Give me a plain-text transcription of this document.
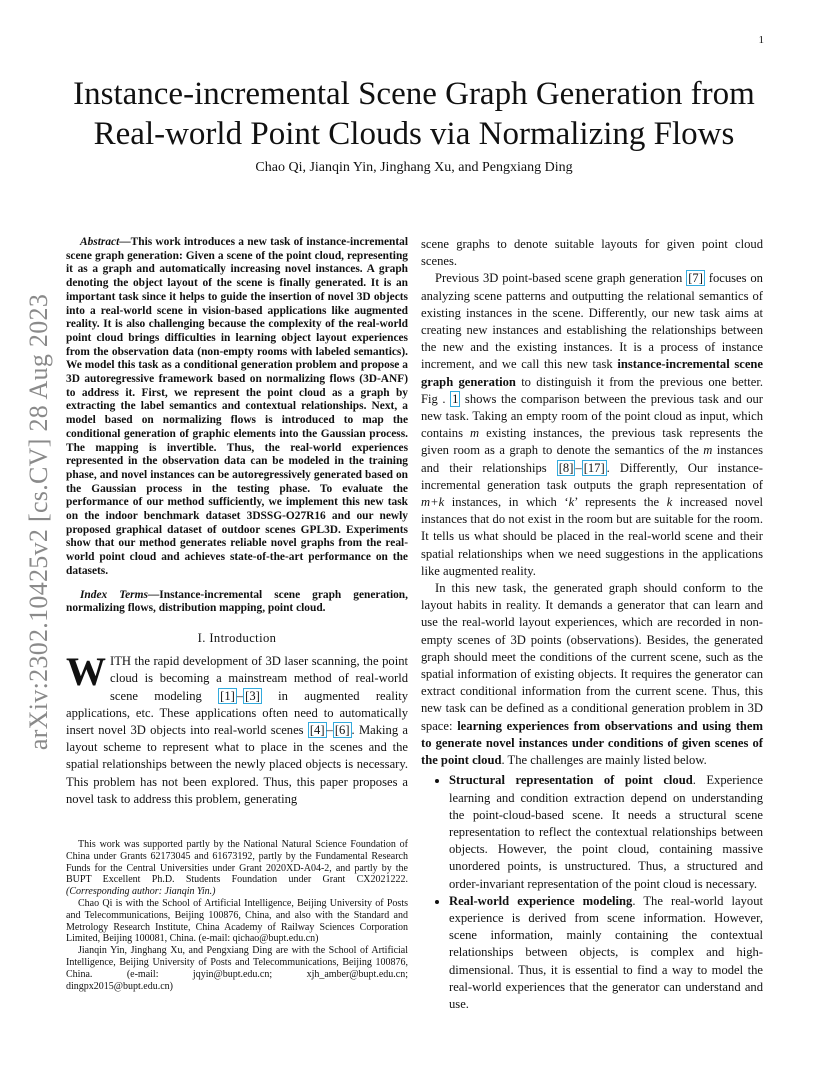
1
arXiv:2302.10425v2 [cs.CV] 28 Aug 2023
Instance-incremental Scene Graph Generation from Real-world Point Clouds via Normalizing Flows
Chao Qi, Jianqin Yin, Jinghang Xu, and Pengxiang Ding

Abstract—This work introduces a new task of instance-incremental scene graph generation: Given a scene of the point cloud, representing it as a graph and automatically increasing novel instances. A graph denoting the object layout of the scene is finally generated. It is an important task since it helps to guide the insertion of novel 3D objects into a real-world scene in vision-based applications like augmented reality. It is also challenging because the complexity of the real-world point cloud brings difficulties in learning object layout experiences from the observation data (non-empty rooms with labeled semantics). We model this task as a conditional generation problem and propose a 3D autoregressive framework based on normalizing flows (3D-ANF) to address it. First, we represent the point cloud as a graph by extracting the label semantics and contextual relationships. Next, a model based on normalizing flows is introduced to map the conditional generation of graphic elements into the Gaussian process. The mapping is invertible. Thus, the real-world experiences represented in the observation data can be modeled in the training phase, and novel instances can be autoregressively generated based on the Gaussian process in the testing phase. To evaluate the performance of our method sufficiently, we implement this new task on the indoor benchmark dataset 3DSSG-O27R16 and our newly proposed graphical dataset of outdoor scenes GPL3D. Experiments show that our method generates reliable novel graphs from the real-world point cloud and achieves state-of-the-art performance on the datasets.

Index Terms—Instance-incremental scene graph generation, normalizing flows, distribution mapping, point cloud.

I. Introduction

WITH the rapid development of 3D laser scanning, the point cloud is becoming a mainstream method of real-world scene modeling [1] – [3] in augmented reality applications, etc. These applications often need to automatically insert novel 3D objects into real-world scenes [4] – [6] . Making a layout scheme to represent what to place in the scenes and the spatial relationships between the newly placed objects is necessary. This problem has not been explored. Thus, this paper proposes a novel task to address this problem, generating

This work was supported partly by the National Natural Science Foundation of China under Grants 62173045 and 61673192, partly by the Fundamental Research Funds for the Central Universities under Grant 2020XD-A04-2, and partly by the BUPT Excellent Ph.D. Students Foundation under Grant CX2021222. (Corresponding author: Jianqin Yin.)

Chao Qi is with the School of Artificial Intelligence, Beijing University of Posts and Telecommunications, Beijing 100876, China, and also with the Standard and Metrology Research Institute, China Academy of Railway Sciences Corporation Limited, Beijing 100081, China. (e-mail: qichao@bupt.edu.cn)

Jianqin Yin, Jinghang Xu, and Pengxiang Ding are with the School of Artificial Intelligence, Beijing University of Posts and Telecommunications, Beijing 100876, China. (e-mail: jqyin@bupt.edu.cn; xjh_amber@bupt.edu.cn; dingpx2015@bupt.edu.cn)

scene graphs to denote suitable layouts for given point cloud scenes.

Previous 3D point-based scene graph generation [7] focuses on analyzing scene patterns and outputting the relational semantics of existing instances in the scene. Differently, our new task aims at creating new instances and establishing the relationships between the new and the existing instances. It is a process of instance increment, and we call this new task instance-incremental scene graph generation to distinguish it from the previous one better. Fig . 1 shows the comparison between the previous task and our new task. Taking an empty room of the point cloud as input, which contains m existing instances, the previous task represents the given room as a graph to denote the semantics of the m instances and their relationships [8] – [17] . Differently, Our instance-incremental generation task outputs the graph representation of m+k instances, in which ‘k’ represents the k increased novel instances that do not exist in the room but are suitable for the room. It tells us what should be placed in the real-world scene and their spatial relationships when we need suggestions in the applications like augmented reality.

In this new task, the generated graph should conform to the layout habits in reality. It demands a generator that can learn and use the real-world layout experiences, which are recorded in non-empty scenes of 3D points (observations). Besides, the generated graph should meet the conditions of the current scene, such as the spatial information of existing objects. It requires the generator can extract conditional information from the current scene. Thus, this new task can be defined as a conditional generation problem in 3D space: learning experiences from observations and using them to generate novel instances under conditions of given scenes of the point cloud. The challenges are mainly listed below.

• Structural representation of point cloud. Experience learning and condition extraction depend on understanding the point-cloud-based scene. It needs a structural scene representation to reflect the contextual relationships between objects. However, the point cloud, containing massive unordered points, is unstructured. Thus, a structured and order-invariant representation of the point cloud is necessary.
• Real-world experience modeling. The real-world layout experience is derived from scene information. However, scene information, mainly containing the contextual relationships between objects, is complex and high-dimensional. Thus, it is essential to find a way to model the real-world experiences that the generator can understand and use.
